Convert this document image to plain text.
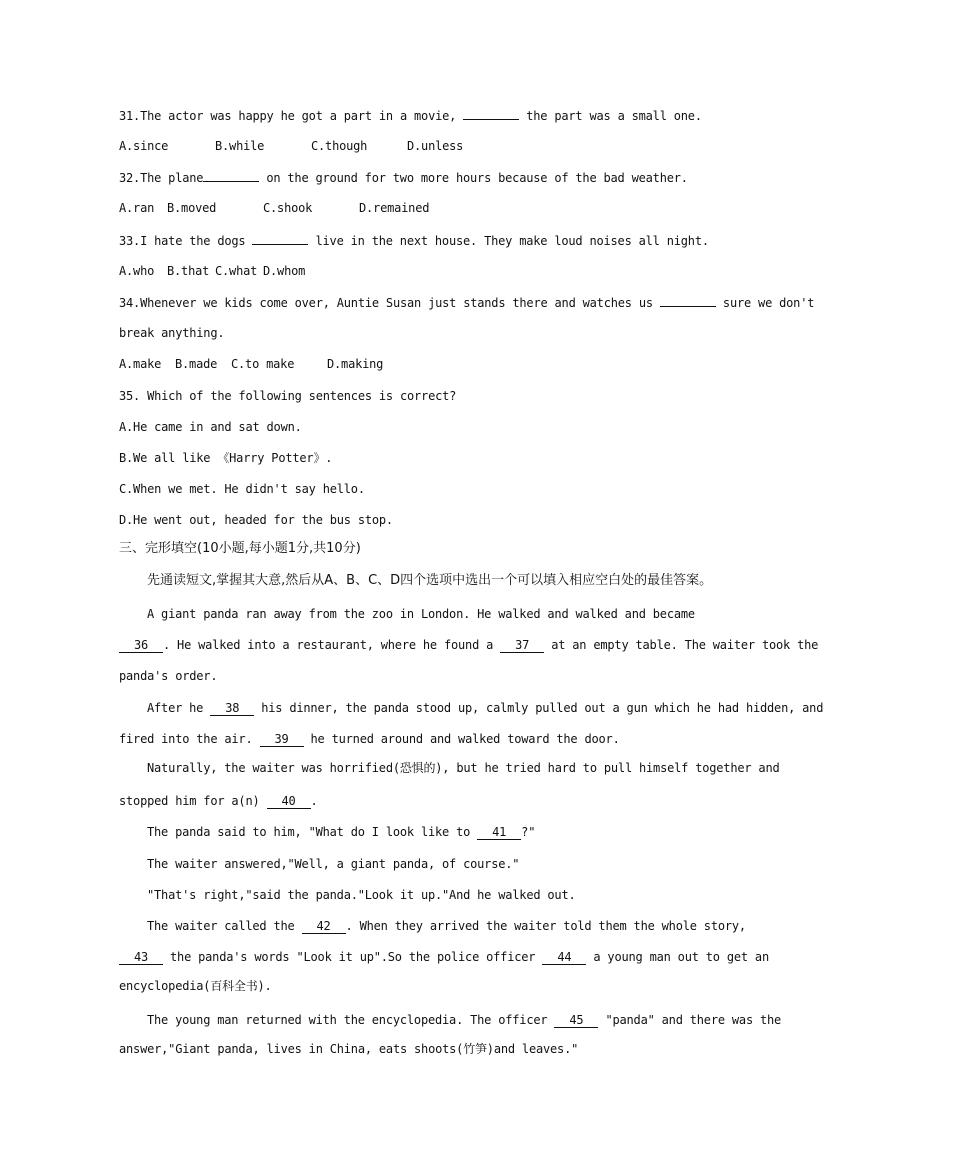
31.The actor was happy he got a part in a movie,	the part was a small one.
A.since	B.while	C.though	D.unless
32.The plane	on the ground for two more hours because of the bad weather.
A.ran B.moved	C.shook	D.remained
33.I hate the dogs	live in the next house. They make loud noises all night.
A.who B.that C.what D.whom
34.Whenever we kids come over, Auntie Susan just stands there and watches us	sure we don't
break anything.
A.make B.made C.to make	D.making
35. Which of the following sentences is correct?
A.He came in and sat down.
B.We all like 《Harry Potter》.
C.When we met. He didn't say hello.
D.He went out, headed for the bus stop.
三、完形填空(10小题,每小题1分,共10分)
先通读短文,掌握其大意,然后从A、B、C、D四个选项中选出一个可以填入相应空白处的最佳答案。
A giant panda ran away from the zoo in London. He walked and walked and became
36 . He walked into a restaurant, where he found a 37 at an empty table. The waiter took the
panda's order.
After he 38 his dinner, the panda stood up, calmly pulled out a gun which he had hidden, and
fired into the air. 39 he turned around and walked toward the door.
Naturally, the waiter was horrified(恐惧的), but he tried hard to pull himself together and
stopped him for a(n) 40 .
The panda said to him, "What do I look like to 41 ?"
The waiter answered,"Well, a giant panda, of course."
"That's right,"said the panda."Look it up."And he walked out.
The waiter called the 42 . When they arrived the waiter told them the whole story,
43 the panda's words "Look it up".So the police officer 44 a young man out to get an
encyclopedia(百科全书).
The young man returned with the encyclopedia. The officer 45 "panda" and there was the
answer,"Giant panda, lives in China, eats shoots(竹笋)and leaves."
